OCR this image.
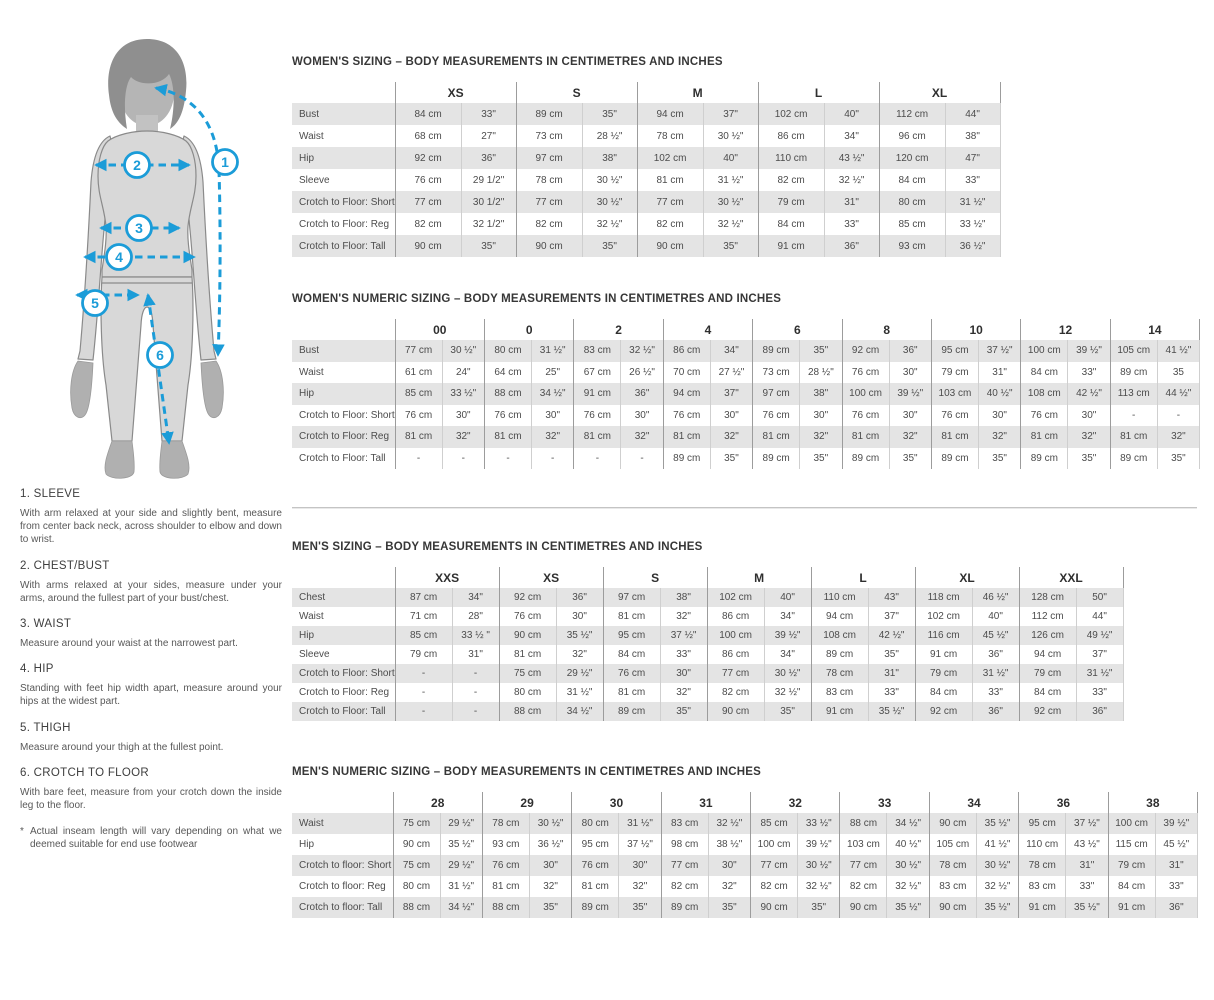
1
2
3
4
5
6
1. SLEEVE

With arm relaxed at your side and slightly bent, measure from center back neck, across shoulder to elbow and down to wrist.

2. CHEST/BUST

With arms relaxed at your sides, measure under your arms, around the fullest part of your bust/chest.

3. WAIST

Measure around your waist at the narrowest part.

4. HIP

Standing with feet hip width apart, measure around your hips at the widest part.

5. THIGH

Measure around your thigh at the fullest point.

6. CROTCH TO FLOOR

With bare feet, measure from your crotch down the inside leg to the floor.

* Actual inseam length will vary depending on what we deemed suitable for end use footwear
WOMEN'S SIZING – BODY MEASUREMENTS IN CENTIMETRES AND INCHES
	XS		S		M		L		XL	
Bust	84 cm	33"	89 cm	35"	94 cm	37"	102 cm	40"	112 cm	44"
Waist	68 cm	27"	73 cm	28 ½"	78 cm	30 ½"	86 cm	34"	96 cm	38"
Hip	92 cm	36"	97 cm	38"	102 cm	40"	110 cm	43 ½"	120 cm	47"
Sleeve	76 cm	29 1/2"	78 cm	30 ½"	81 cm	31 ½"	82 cm	32 ½"	84 cm	33"
Crotch to Floor: Short	77 cm	30 1/2"	77 cm	30 ½"	77 cm	30 ½"	79 cm	31"	80 cm	31 ½"
Crotch to Floor: Reg	82 cm	32 1/2"	82 cm	32 ½"	82 cm	32 ½"	84 cm	33"	85 cm	33 ½"
Crotch to Floor: Tall	90 cm	35"	90 cm	35"	90 cm	35"	91 cm	36"	93 cm	36 ½"
WOMEN'S NUMERIC SIZING – BODY MEASUREMENTS IN CENTIMETRES AND INCHES
	00		0		2		4		6		8		10		12		14	
Bust	77 cm	30 ½"	80 cm	31 ½"	83 cm	32 ½"	86 cm	34"	89 cm	35"	92 cm	36"	95 cm	37 ½"	100 cm	39 ½"	105 cm	41 ½"
Waist	61 cm	24"	64 cm	25"	67 cm	26 ½"	70 cm	27 ½"	73 cm	28 ½"	76 cm	30"	79 cm	31"	84 cm	33"	89 cm	35
Hip	85 cm	33 ½"	88 cm	34 ½"	91 cm	36"	94 cm	37"	97 cm	38"	100 cm	39 ½"	103 cm	40 ½"	108 cm	42 ½"	113 cm	44 ½"
Crotch to Floor: Short	76 cm	30"	76 cm	30"	76 cm	30"	76 cm	30"	76 cm	30"	76 cm	30"	76 cm	30"	76 cm	30"	-	-
Crotch to Floor: Reg	81 cm	32"	81 cm	32"	81 cm	32"	81 cm	32"	81 cm	32"	81 cm	32"	81 cm	32"	81 cm	32"	81 cm	32"
Crotch to Floor: Tall	-	-	-	-	-	-	89 cm	35"	89 cm	35"	89 cm	35"	89 cm	35"	89 cm	35"	89 cm	35"
MEN'S SIZING – BODY MEASUREMENTS IN CENTIMETRES AND INCHES
	XXS		XS		S		M		L		XL		XXL	
Chest	87 cm	34"	92 cm	36"	97 cm	38"	102 cm	40"	110 cm	43"	118 cm	46 ½"	128 cm	50"
Waist	71 cm	28"	76 cm	30"	81 cm	32"	86 cm	34"	94 cm	37"	102 cm	40"	112 cm	44"
Hip	85 cm	33 ½ "	90 cm	35 ½"	95 cm	37 ½"	100 cm	39 ½"	108 cm	42 ½"	116 cm	45 ½"	126 cm	49 ½"
Sleeve	79 cm	31"	81 cm	32"	84 cm	33"	86 cm	34"	89 cm	35"	91 cm	36"	94 cm	37"
Crotch to Floor: Short	-	-	75 cm	29 ½"	76 cm	30"	77 cm	30 ½"	78 cm	31"	79 cm	31 ½"	79 cm	31 ½"
Crotch to Floor: Reg	-	-	80 cm	31 ½"	81 cm	32"	82 cm	32 ½"	83 cm	33"	84 cm	33"	84 cm	33"
Crotch to Floor: Tall	-	-	88 cm	34 ½"	89 cm	35"	90 cm	35"	91 cm	35 ½"	92 cm	36"	92 cm	36"
MEN'S NUMERIC SIZING – BODY MEASUREMENTS IN CENTIMETRES AND INCHES
	28		29		30		31		32		33		34		36		38	
Waist	75 cm	29 ½"	78 cm	30 ½"	80 cm	31 ½"	83 cm	32 ½"	85 cm	33 ½"	88 cm	34 ½"	90 cm	35 ½"	95 cm	37 ½"	100 cm	39 ½"
Hip	90 cm	35 ½"	93 cm	36 ½"	95 cm	37 ½"	98 cm	38 ½"	100 cm	39 ½"	103 cm	40 ½"	105 cm	41 ½"	110 cm	43 ½"	115 cm	45 ½"
Crotch to floor: Short	75 cm	29 ½"	76 cm	30"	76 cm	30"	77 cm	30"	77 cm	30 ½"	77 cm	30 ½"	78 cm	30 ½"	78 cm	31"	79 cm	31"
Crotch to floor: Reg	80 cm	31 ½"	81 cm	32"	81 cm	32"	82 cm	32"	82 cm	32 ½"	82 cm	32 ½"	83 cm	32 ½"	83 cm	33"	84 cm	33"
Crotch to floor: Tall	88 cm	34 ½"	88 cm	35"	89 cm	35"	89 cm	35"	90 cm	35"	90 cm	35 ½"	90 cm	35 ½"	91 cm	35 ½"	91 cm	36"
